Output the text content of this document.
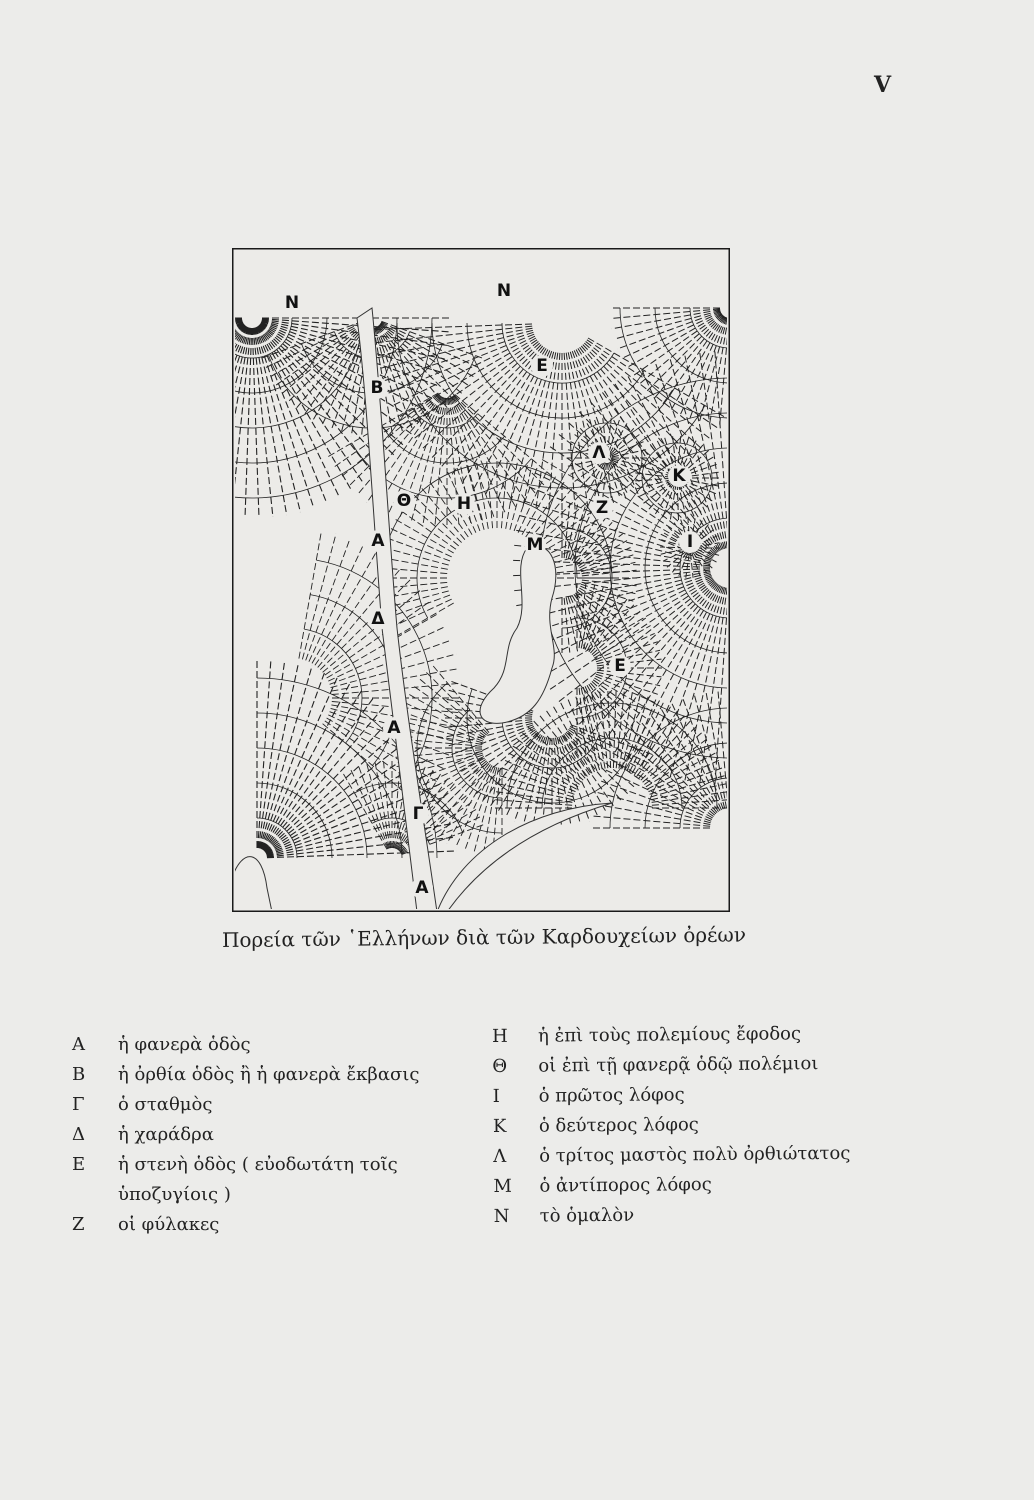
V
Ν
Ν
Β
Ε
Λ
Κ
Θ	Η	Ζ
Α	Μ	Ι
Δ
Ε
Α
Γ
Α
Πορεία τῶν ῾Ελλήνων διὰ τῶν Καρδουχείων ὀρέων
Α	ἡ φανερὰ ὁδὸς
Β	ἡ ὀρθία ὁδὸς ἢ ἡ φανερὰ ἔκβασις
Γ	ὁ σταθμὸς
Δ	ἡ χαράδρα
Ε	ἡ στενὴ ὁδὸς ( εὐοδωτάτη τοῖς
ὑποζυγίοις )
Ζ	οἱ φύλακες
Η	ἡ ἐπὶ τοὺς πολεμίους ἔφοδος
Θ	οἱ ἐπὶ τῇ φανερᾷ ὁδῷ πολέμιοι
Ι	ὁ πρῶτος λόφος
Κ	ὁ δεύτερος λόφος
Λ	ὁ τρίτος μαστὸς πολὺ ὀρθιώτατος
Μ	ὁ ἀντίπορος λόφος
Ν	τὸ ὁμαλὸν
